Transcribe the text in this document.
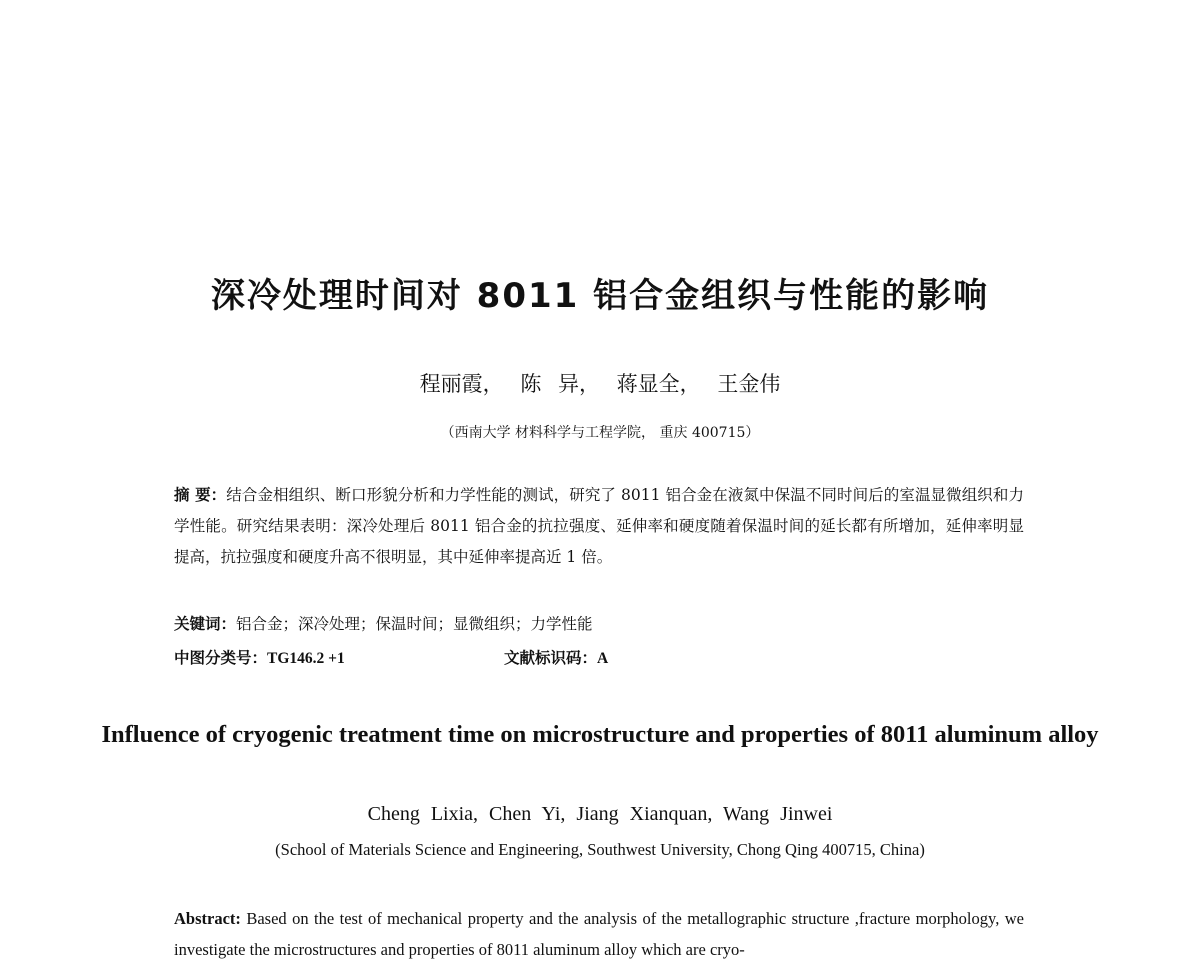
深冷处理时间对 8011 铝合金组织与性能的影响
程丽霞， 陈 异， 蒋显全， 王金伟
（西南大学 材料科学与工程学院， 重庆 400715）
摘 要：结合金相组织、断口形貌分析和力学性能的测试，研究了 8011 铝合金在液氮中保温不同时间后的室温显微组织和力学性能。研究结果表明：深冷处理后 8011 铝合金的抗拉强度、延伸率和硬度随着保温时间的延长都有所增加，延伸率明显提高，抗拉强度和硬度升高不很明显，其中延伸率提高近 1 倍。
关键词：铝合金；深冷处理；保温时间；显微组织；力学性能
中图分类号：TG146.2 +1	文献标识码：A
Influence of cryogenic treatment time on microstructure and properties of 8011 aluminum alloy
Cheng Lixia, Chen Yi, Jiang Xianquan, Wang Jinwei
(School of Materials Science and Engineering, Southwest University, Chong Qing 400715, China)
Abstract: Based on the test of mechanical property and the analysis of the metallographic structure ,fracture morphology, we investigate the microstructures and properties of 8011 aluminum alloy which are cryo-
